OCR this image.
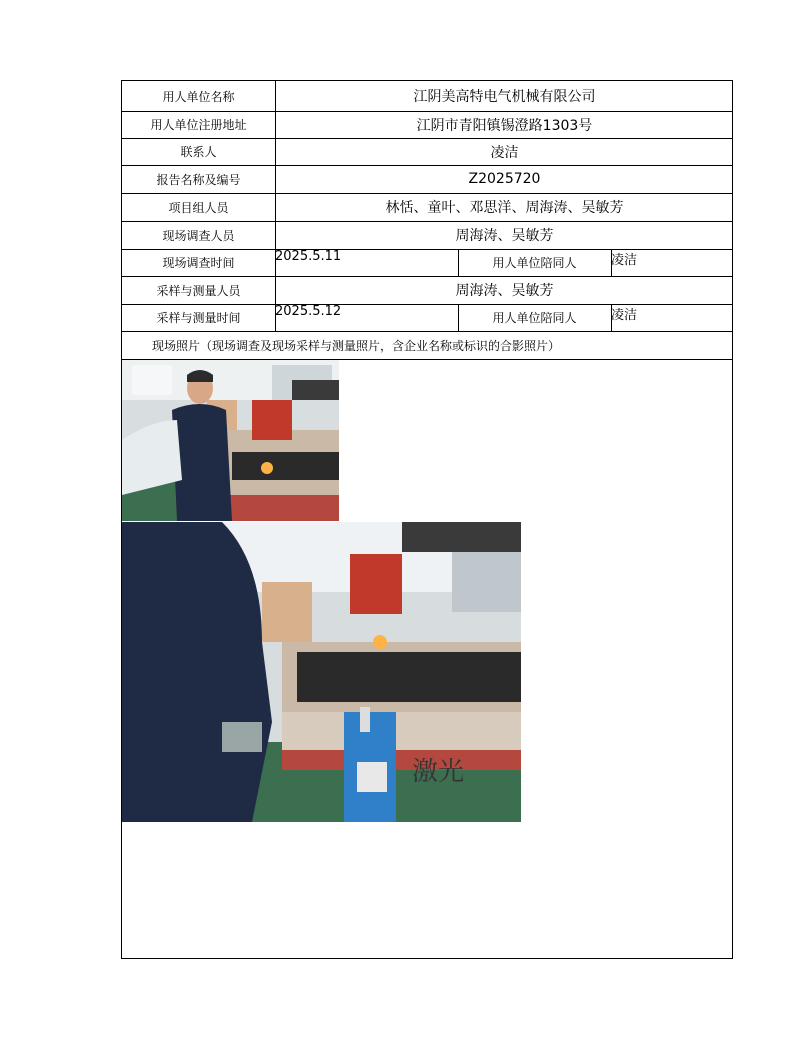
用人单位名称	江阴美高特电气机械有限公司
用人单位注册地址	江阴市青阳镇锡澄路1303号
联系人	凌洁
报告名称及编号	Z2025720
项目组人员	林恬、童叶、邓思洋、周海涛、吴敏芳
现场调查人员	周海涛、吴敏芳
现场调查时间	2025.5.11	用人单位陪同人	凌洁
采样与测量人员	周海涛、吴敏芳
采样与测量时间	2025.5.12	用人单位陪同人	凌洁
现场照片（现场调查及现场采样与测量照片，含企业名称或标识的合影照片）
激光
